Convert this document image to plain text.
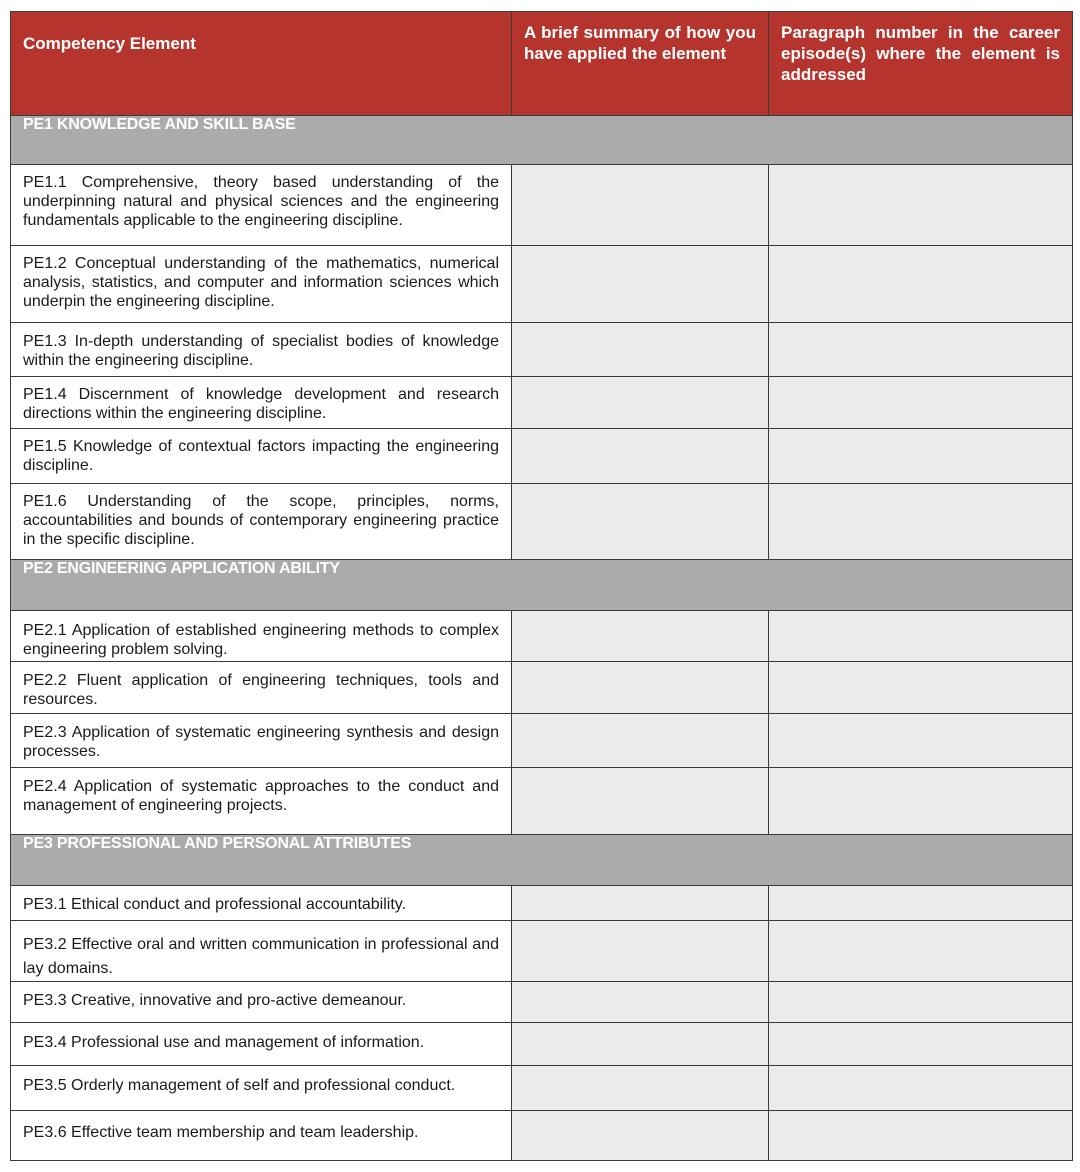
Competency Element	A brief summary of how you have applied the element	Paragraph number in the career episode(s) where the element is addressed

PE1 KNOWLEDGE AND SKILL BASE		

PE1.1 Comprehensive, theory based understanding of the underpinning natural and physical sciences and the engineering fundamentals applicable to the engineering discipline.		

PE1.2 Conceptual understanding of the mathematics, numerical analysis, statistics, and computer and information sciences which underpin the engineering discipline.		

PE1.3 In-depth understanding of specialist bodies of knowledge within the engineering discipline.		

PE1.4 Discernment of knowledge development and research directions within the engineering discipline.		

PE1.5 Knowledge of contextual factors impacting the engineering discipline.		

PE1.6 Understanding of the scope, principles, norms, accountabilities and bounds of contemporary engineering practice in the specific discipline.		

PE2 ENGINEERING APPLICATION ABILITY		

PE2.1 Application of established engineering methods to complex engineering problem solving.		

PE2.2 Fluent application of engineering techniques, tools and resources.		

PE2.3 Application of systematic engineering synthesis and design processes.		

PE2.4 Application of systematic approaches to the conduct and management of engineering projects.		

PE3 PROFESSIONAL AND PERSONAL ATTRIBUTES		

PE3.1 Ethical conduct and professional accountability.		

PE3.2 Effective oral and written communication in professional and lay domains.		

PE3.3 Creative, innovative and pro-active demeanour.		

PE3.4 Professional use and management of information.		

PE3.5 Orderly management of self and professional conduct.		

PE3.6 Effective team membership and team leadership.		
